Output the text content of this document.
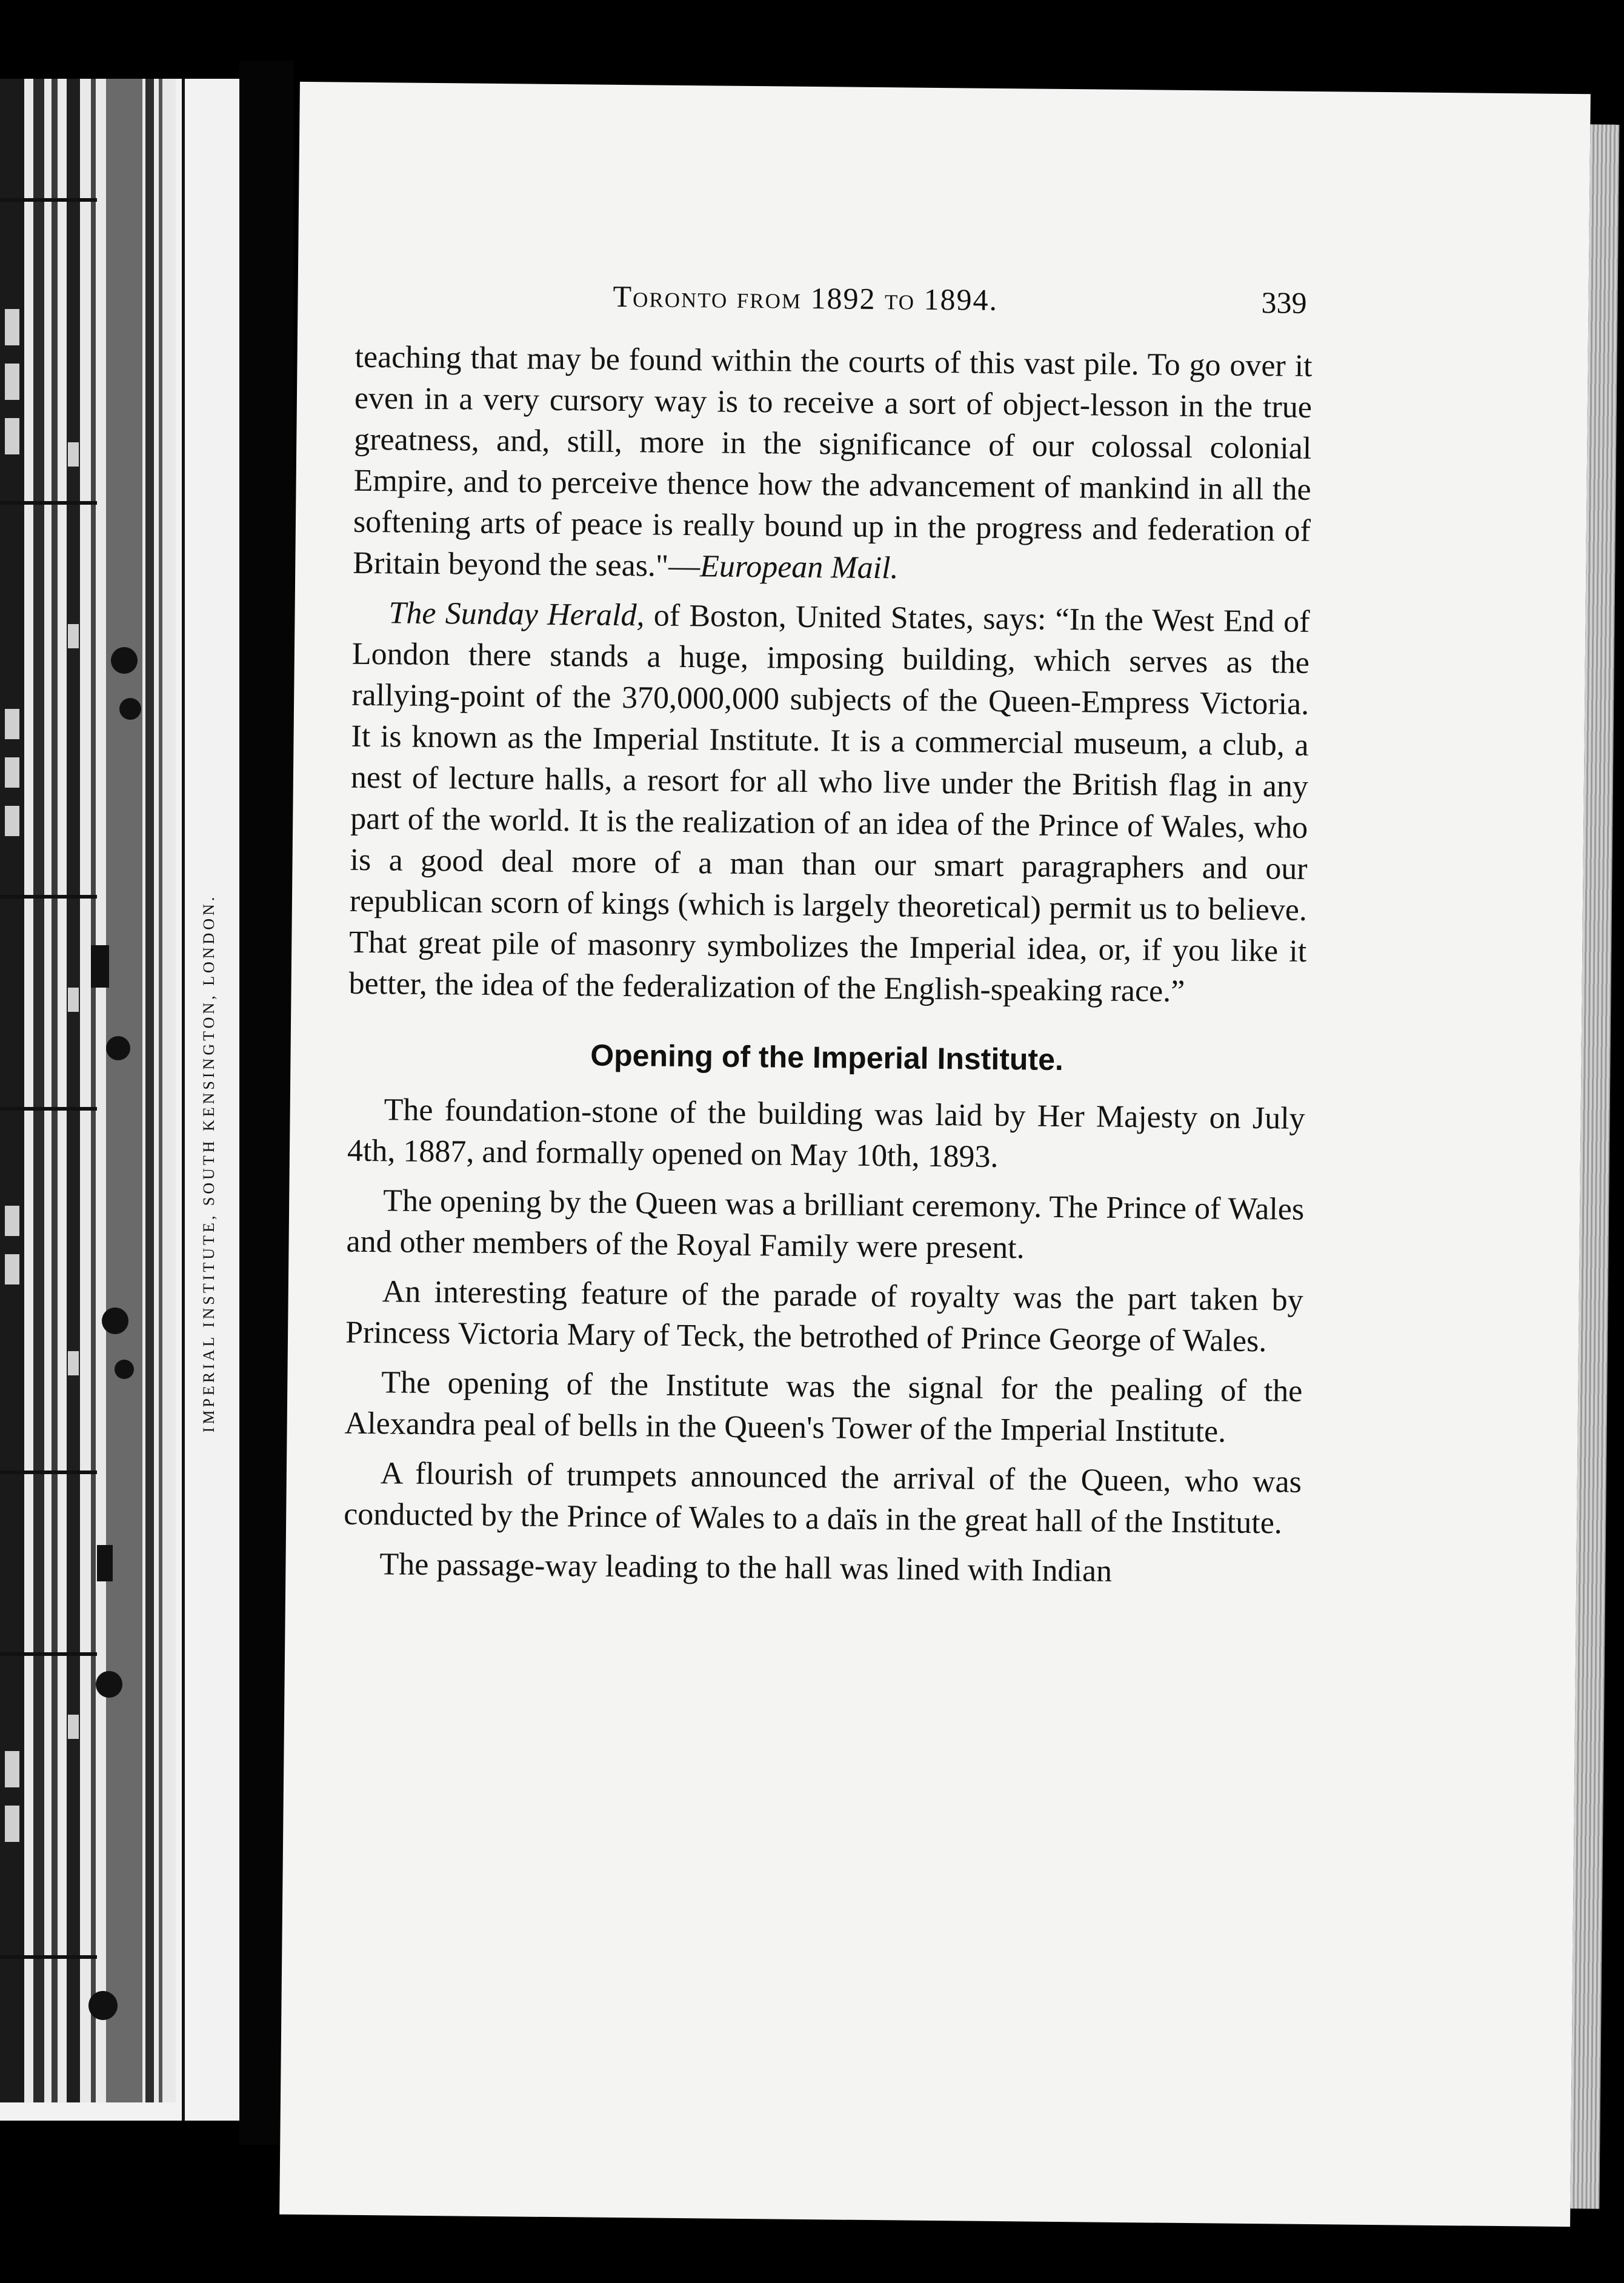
IMPERIAL INSTITUTE, SOUTH KENSINGTON, LONDON.
Toronto from 1892 to 1894.	339

teaching that may be found within the courts of this vast pile. To go over it even in a very cursory way is to receive a sort of object-lesson in the true greatness, and, still, more in the significance of our colossal colonial Empire, and to perceive thence how the advancement of mankind in all the softening arts of peace is really bound up in the progress and federation of Britain beyond the seas."—European Mail.

The Sunday Herald, of Boston, United States, says: “In the West End of London there stands a huge, imposing building, which serves as the rallying-point of the 370,000,000 subjects of the Queen-Empress Victoria. It is known as the Imperial Institute. It is a commercial museum, a club, a nest of lecture halls, a resort for all who live under the British flag in any part of the world. It is the realization of an idea of the Prince of Wales, who is a good deal more of a man than our smart paragraphers and our republican scorn of kings (which is largely theoretical) permit us to believe. That great pile of masonry symbolizes the Imperial idea, or, if you like it better, the idea of the federalization of the English-speaking race.”

Opening of the Imperial Institute.

The foundation-stone of the building was laid by Her Majesty on July 4th, 1887, and formally opened on May 10th, 1893.

The opening by the Queen was a brilliant ceremony. The Prince of Wales and other members of the Royal Family were present.

An interesting feature of the parade of royalty was the part taken by Princess Victoria Mary of Teck, the betrothed of Prince George of Wales.

The opening of the Institute was the signal for the pealing of the Alexandra peal of bells in the Queen's Tower of the Imperial Institute.

A flourish of trumpets announced the arrival of the Queen, who was conducted by the Prince of Wales to a daïs in the great hall of the Institute.

The passage-way leading to the hall was lined with Indian
